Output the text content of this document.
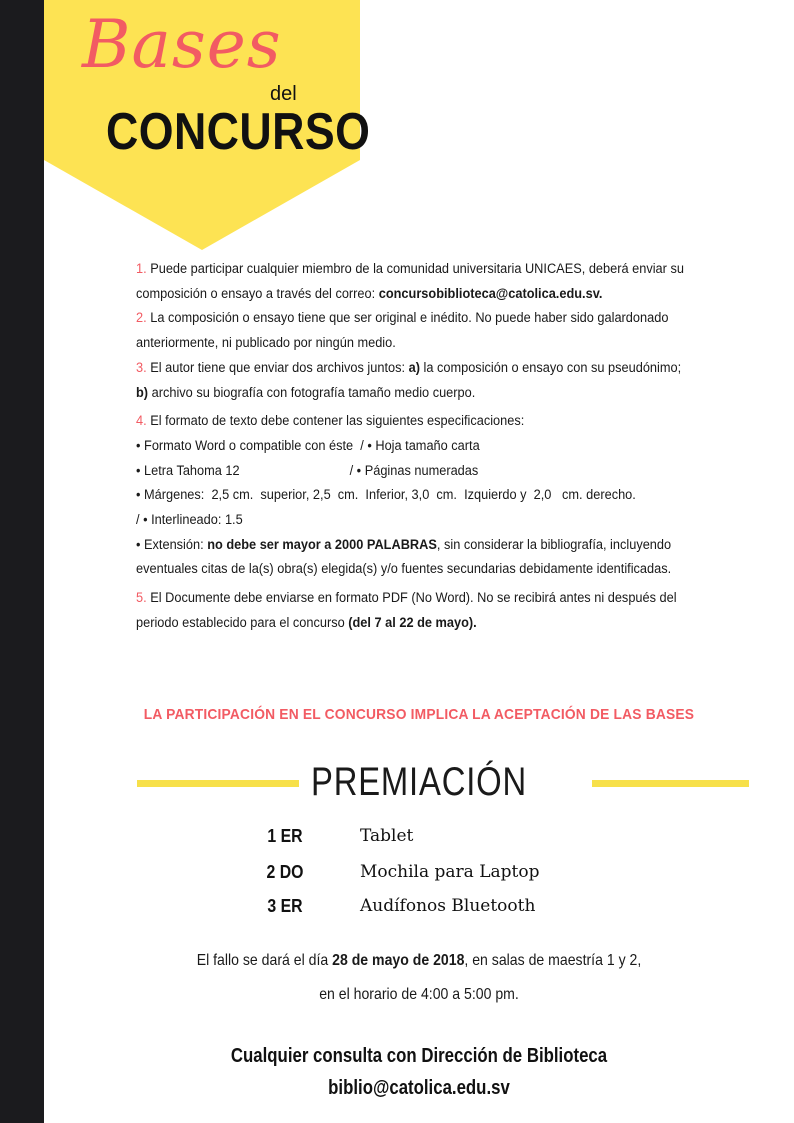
Bases
del
CONCURSO

1. Puede participar cualquier miembro de la comunidad universitaria UNICAES, deberá enviar su composición o ensayo a través del correo: concursobiblioteca@catolica.edu.sv.

2. La composición o ensayo tiene que ser original e inédito. No puede haber sido galardonado anteriormente, ni publicado por ningún medio.

3. El autor tiene que enviar dos archivos juntos: a) la composición o ensayo con su pseudónimo; b) archivo su biografía con fotografía tamaño medio cuerpo.

4. El formato de texto debe contener las siguientes especificaciones:

• Formato Word o compatible con éste  / • Hoja tamaño carta

• Letra Tahoma 12                               / • Páginas numeradas

• Márgenes:  2,5 cm.  superior, 2,5  cm.  Inferior, 3,0  cm.  Izquierdo y  2,0   cm. derecho.                                          / • Interlineado: 1.5

• Extensión: no debe ser mayor a 2000 PALABRAS, sin considerar la bibliografía, incluyendo eventuales citas de la(s) obra(s) elegida(s) y/o fuentes secundarias debidamente identificadas.

5. El Documente debe enviarse en formato PDF (No Word). No se recibirá antes ni después del periodo establecido para el concurso (del 7 al 22 de mayo).

LA PARTICIPACIÓN EN EL CONCURSO IMPLICA LA ACEPTACIÓN DE LAS BASES
PREMIACIÓN
1 ER	Tablet
2 DO	Mochila para Laptop
3 ER	Audífonos Bluetooth

El fallo se dará el día 28 de mayo de 2018, en salas de maestría 1 y 2,

en el horario de 4:00 a 5:00 pm.

Cualquier consulta con Dirección de Biblioteca

biblio@catolica.edu.sv
